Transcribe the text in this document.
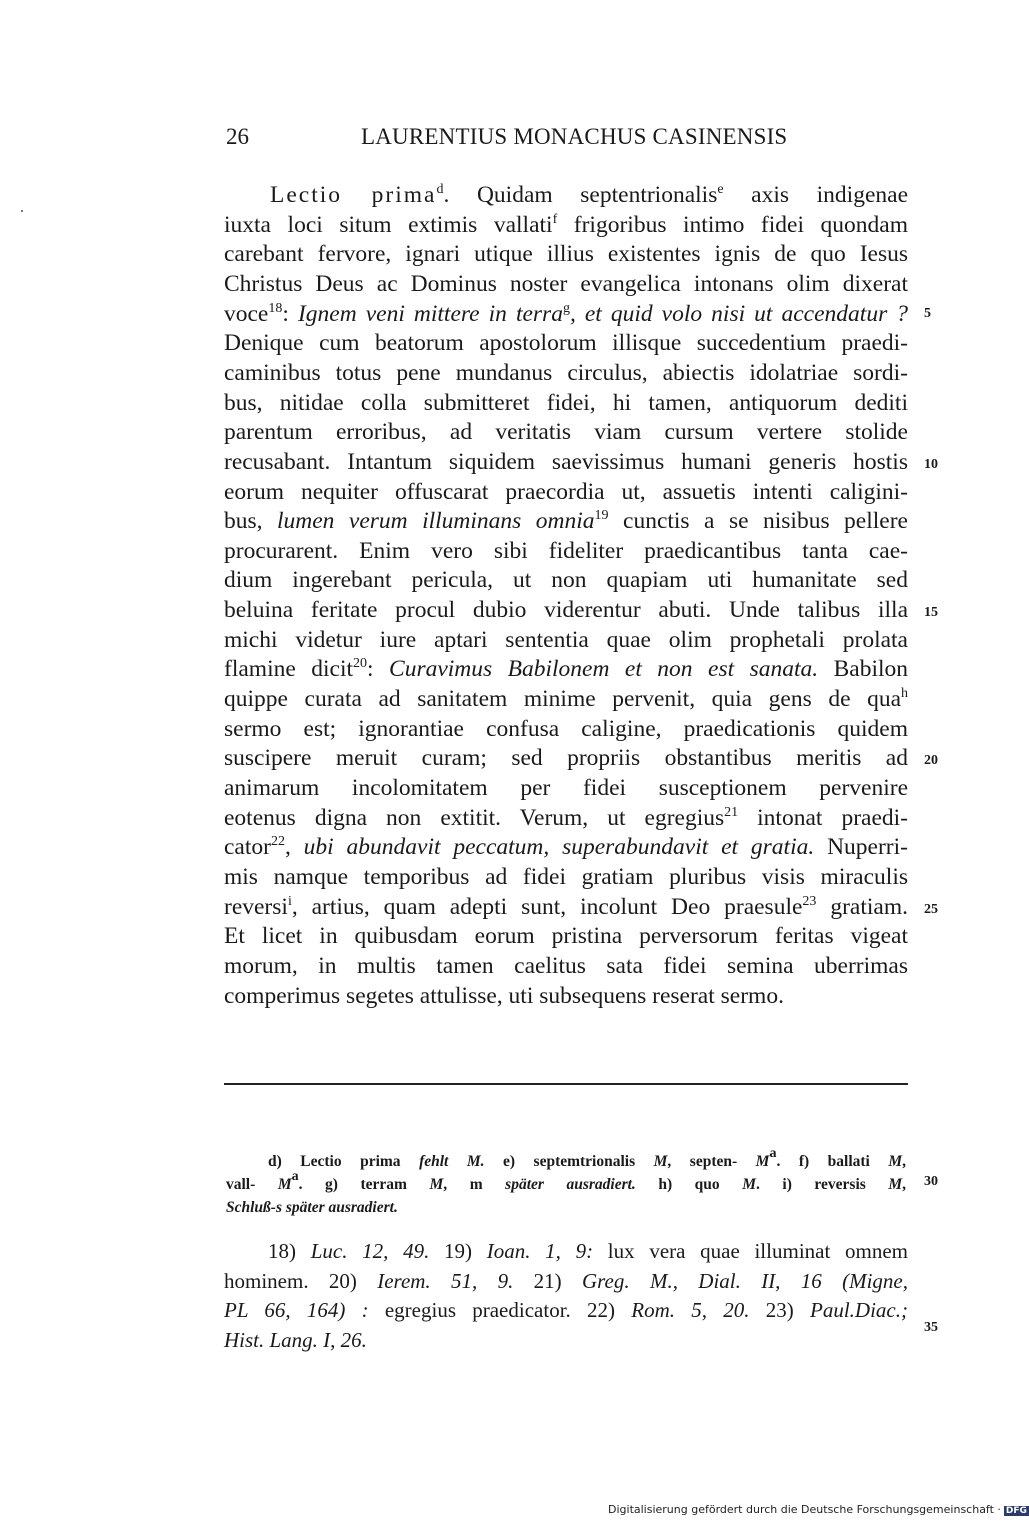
26	LAURENTIUS MONACHUS CASINENSIS
Lectio prima$^d$. Quidam septentrionalis$^e$ axis indigenae
iuxta loci situm extimis vallati$^f$ frigoribus intimo fidei quondam
carebant fervore, ignari utique illius existentes ignis de quo Iesus
Christus Deus ac Dominus noster evangelica intonans olim dixerat
voce$^{18}$: Ignem veni mittere in terra$^g$, et quid volo nisi ut accendatur ?
Denique cum beatorum apostolorum illisque succedentium praedi-
caminibus totus pene mundanus circulus, abiectis idolatriae sordi-
bus, nitidae colla submitteret fidei, hi tamen, antiquorum dediti
parentum erroribus, ad veritatis viam cursum vertere stolide
recusabant. Intantum siquidem saevissimus humani generis hostis
eorum nequiter offuscarat praecordia ut, assuetis intenti caligini-
bus, lumen verum illuminans omnia$^{19}$ cunctis a se nisibus pellere
procurarent. Enim vero sibi fideliter praedicantibus tanta cae-
dium ingerebant pericula, ut non quapiam uti humanitate sed
beluina feritate procul dubio viderentur abuti. Unde talibus illa
michi videtur iure aptari sententia quae olim prophetali prolata
flamine dicit$^{20}$: Curavimus Babilonem et non est sanata. Babilon
quippe curata ad sanitatem minime pervenit, quia gens de qua$^h$
sermo est; ignorantiae confusa caligine, praedicationis quidem
suscipere meruit curam; sed propriis obstantibus meritis ad
animarum incolomitatem per fidei susceptionem pervenire
eotenus digna non extitit. Verum, ut egregius$^{21}$ intonat praedi-
cator$^{22}$, ubi abundavit peccatum, superabundavit et gratia. Nuperri-
mis namque temporibus ad fidei gratiam pluribus visis miraculis
reversi$^i$, artius, quam adepti sunt, incolunt Deo praesule$^{23}$ gratiam.
Et licet in quibusdam eorum pristina perversorum feritas vigeat
morum, in multis tamen caelitus sata fidei semina uberrimas
comperimus segetes attulisse, uti subsequens reserat sermo.
5
10
15
20
25
30
35
d) Lectio prima fehlt M. e) septemtrionalis M, septen- $M^a$. f) ballati M,
vall- $M^a$. g) terram M, m später ausradiert. h) quo M. i) reversis M,
Schluß-s später ausradiert.
18) Luc. 12, 49. 19) Ioan. 1, 9: lux vera quae illuminat omnem
hominem. 20) Ierem. 51, 9. 21) Greg. M., Dial. II, 16 (Migne,
PL 66, 164) : egregius praedicator. 22) Rom. 5, 20. 23) Paul.Diac.;
Hist. Lang. I, 26.
Digitalisierung gefördert durch die Deutsche Forschungsgemeinschaft · DFG
